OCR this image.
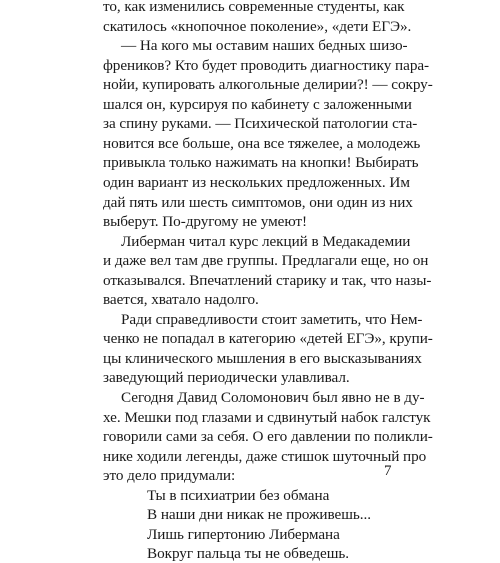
то, как изменились современные студенты, как
скатилось «кнопочное поколение», «дети ЕГЭ».
— На кого мы оставим наших бедных шизо-
фреников? Кто будет проводить диагностику пара-
нойи, купировать алкогольные делирии?! — сокру-
шался он, курсируя по кабинету с заложенными
за спину руками. — Психической патологии ста-
новится все больше, она все тяжелее, а молодежь
привыкла только нажимать на кнопки! Выбирать
один вариант из нескольких предложенных. Им
дай пять или шесть симптомов, они один из них
выберут. По-другому не умеют!
Либерман читал курс лекций в Медакадемии
и даже вел там две группы. Предлагали еще, но он
отказывался. Впечатлений старику и так, что назы-
вается, хватало надолго.
Ради справедливости стоит заметить, что Нем-
ченко не попадал в категорию «детей ЕГЭ», крупи-
цы клинического мышления в его высказываниях
заведующий периодически улавливал.
Сегодня Давид Соломонович был явно не в ду-
хе. Мешки под глазами и сдвинутый набок галстук
говорили сами за себя. О его давлении по поликли-
нике ходили легенды, даже стишок шуточный про
это дело придумали:
Ты в психиатрии без обмана
В наши дни никак не проживешь...
Лишь гипертонию Либермана
Вокруг пальца ты не обведешь.
7
